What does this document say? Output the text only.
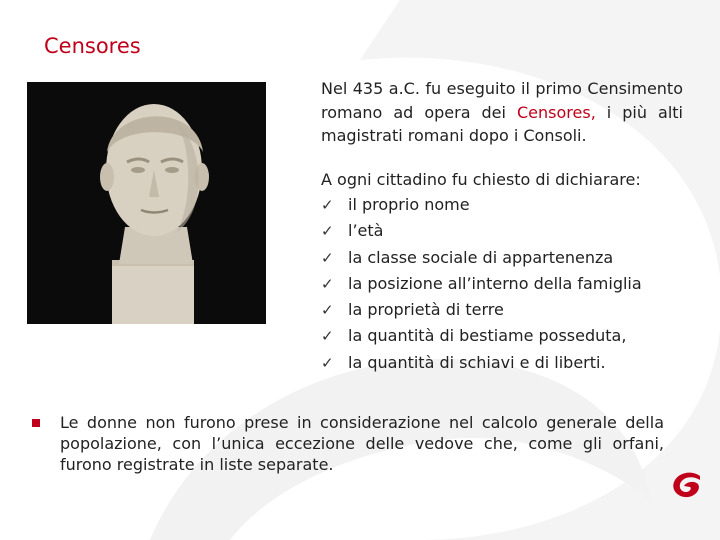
Censores
Nel 435 a.C. fu eseguito il primo Censimento romano ad opera dei Censores, i più alti magistrati romani dopo i Consoli.
A ogni cittadino fu chiesto di dichiarare:
✓ il proprio nome
✓ l’età
✓ la classe sociale di appartenenza
✓ la posizione all’interno della famiglia
✓ la proprietà di terre
✓ la quantità di bestiame posseduta,
✓ la quantità di schiavi e di liberti.
Le donne non furono prese in considerazione nel calcolo generale della popolazione, con l’unica eccezione delle vedove che, come gli orfani, furono registrate in liste separate.
